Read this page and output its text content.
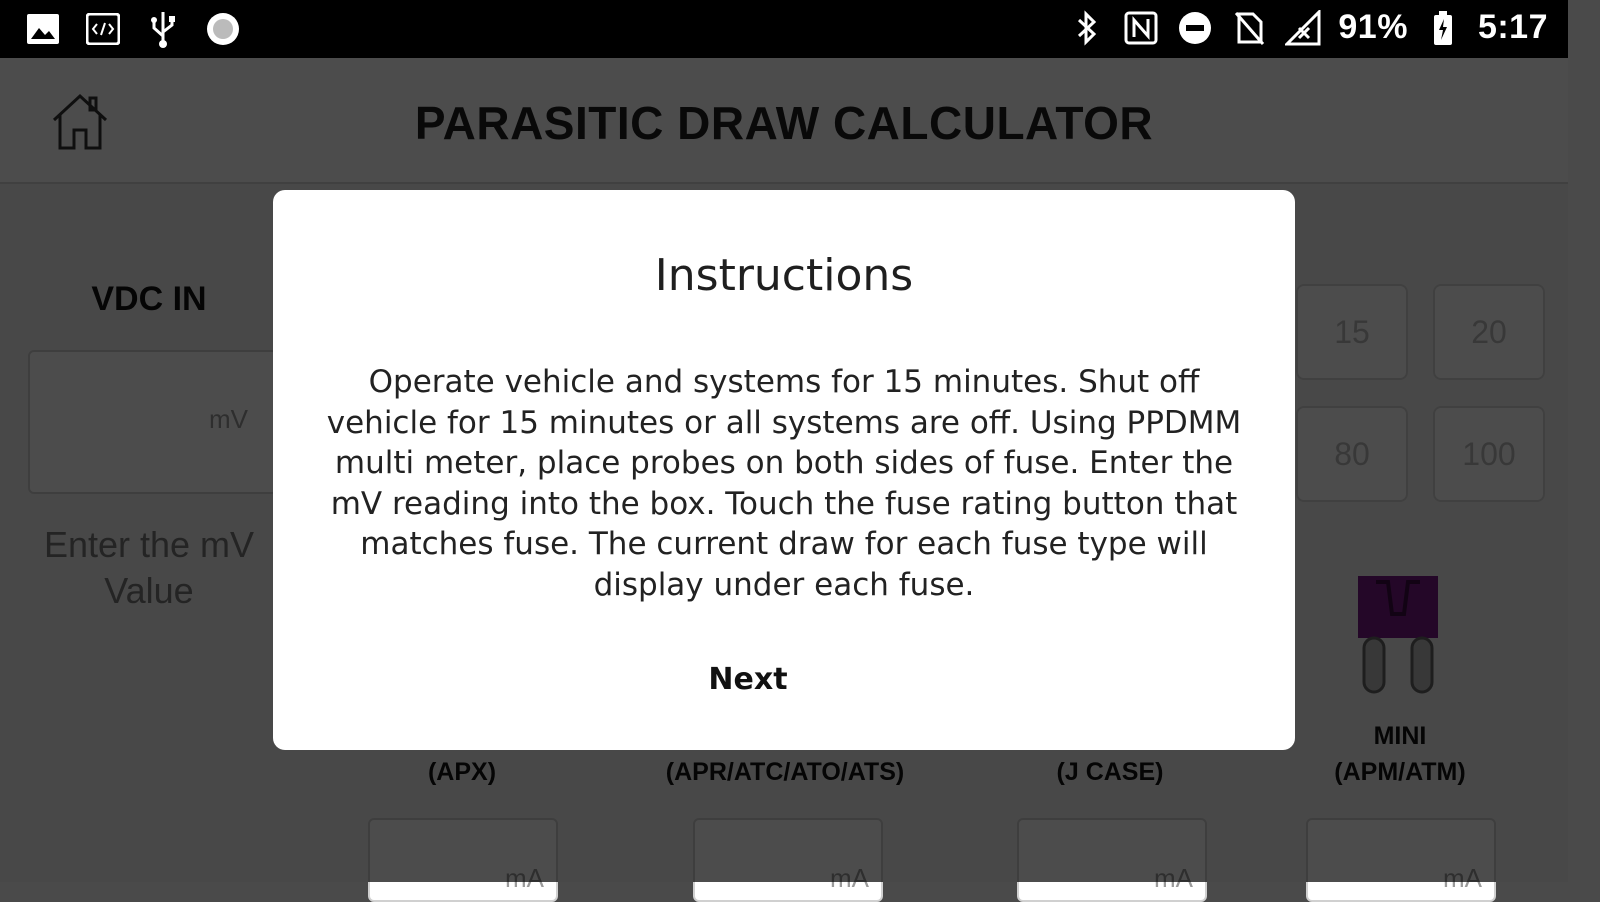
91% 5:17
Instructions
Operate vehicle and systems for 15 minutes. Shut off vehicle for 15 minutes or all systems are off. Using PPDMM multi meter, place probes on both sides of fuse. Enter the mV reading into the box. Touch the fuse rating button that matches fuse. The current draw for each fuse type will display under each fuse.
Next
